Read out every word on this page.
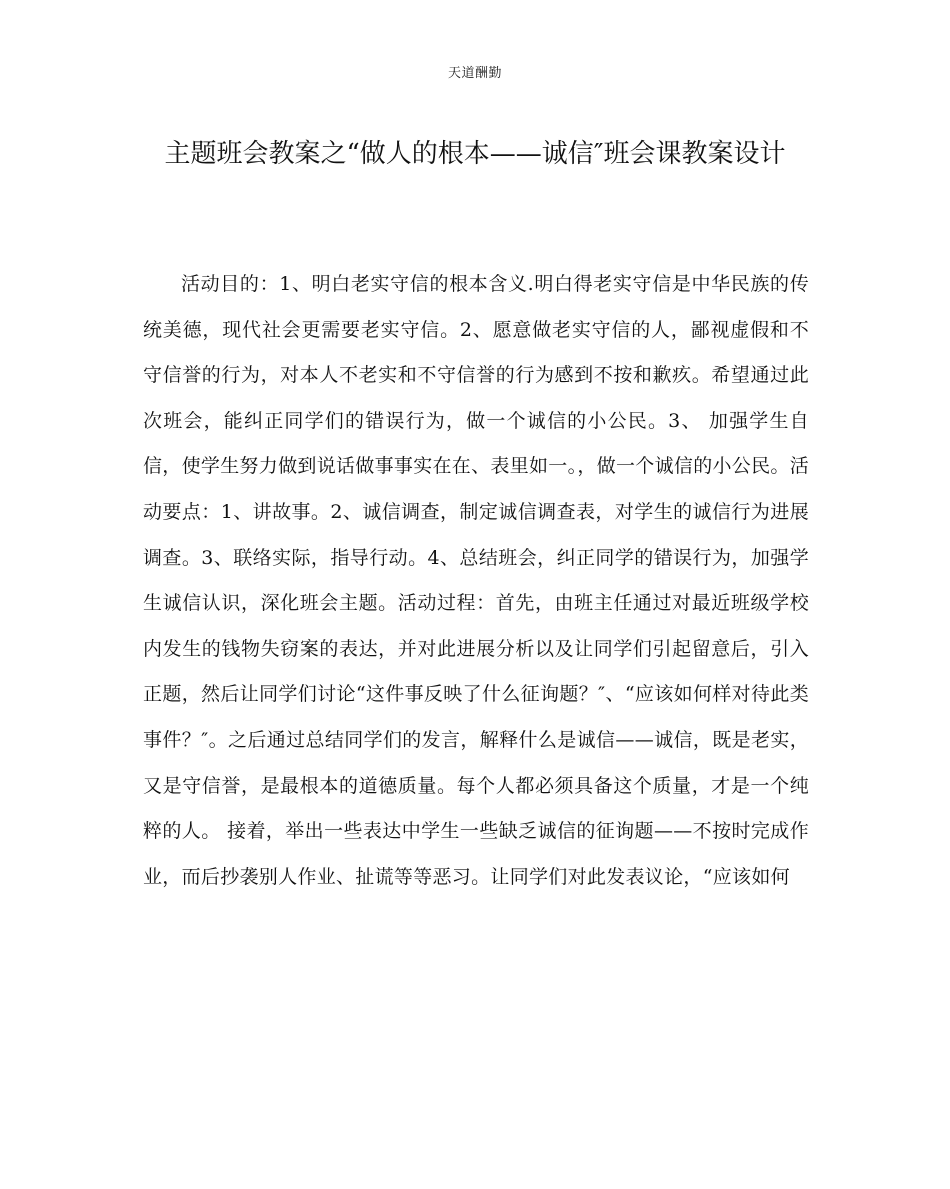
天道酬勤
主题班会教案之“做人的根本——诚信″班会课教案设计

活动目的：1、明白老实守信的根本含义.明白得老实守信是中华民族的传统美德，现代社会更需要老实守信。2、愿意做老实守信的人，鄙视虚假和不守信誉的行为，对本人不老实和不守信誉的行为感到不按和歉疚。希望通过此次班会，能纠正同学们的错误行为，做一个诚信的小公民。3、 加强学生自信，使学生努力做到说话做事事实在在、表里如一。，做一个诚信的小公民。活动要点：1、讲故事。2、诚信调查，制定诚信调查表，对学生的诚信行为进展调查。3、联络实际，指导行动。4、总结班会，纠正同学的错误行为，加强学生诚信认识，深化班会主题。活动过程：首先，由班主任通过对最近班级学校内发生的钱物失窃案的表达，并对此进展分析以及让同学们引起留意后，引入正题，然后让同学们讨论“这件事反映了什么征询题？″、“应该如何样对待此类事件？″。之后通过总结同学们的发言，解释什么是诚信——诚信，既是老实，又是守信誉，是最根本的道德质量。每个人都必须具备这个质量，才是一个纯粹的人。 接着，举出一些表达中学生一些缺乏诚信的征询题——不按时完成作业，而后抄袭别人作业、扯谎等等恶习。让同学们对此发表议论，“应该如何
